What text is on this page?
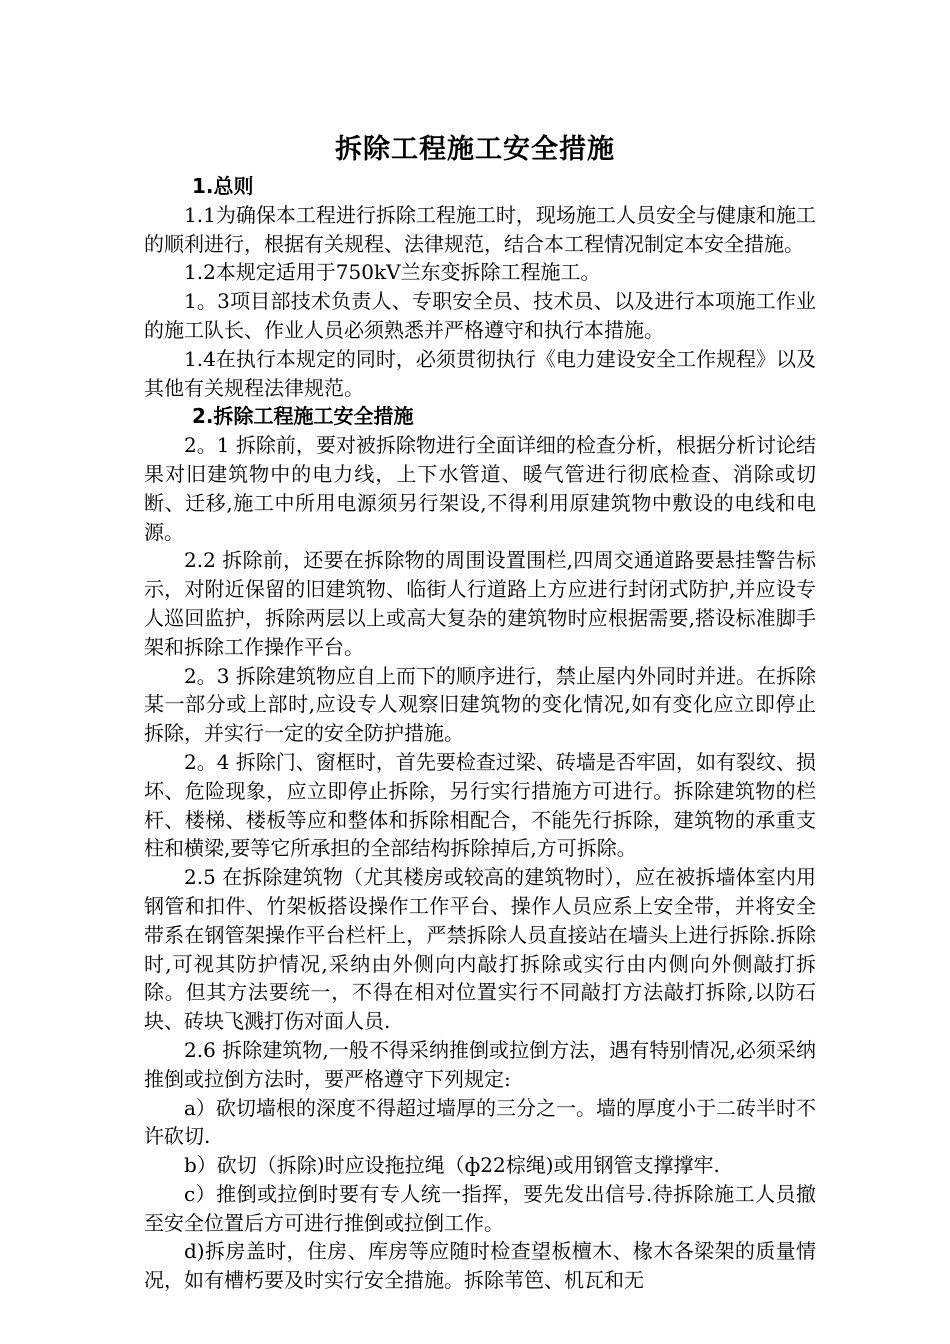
拆除工程施工安全措施
1.总则

1.1为确保本工程进行拆除工程施工时，现场施工人员安全与健康和施工的顺利进行，根据有关规程、法律规范，结合本工程情况制定本安全措施。

1.2本规定适用于750kV兰东变拆除工程施工。

1。3项目部技术负责人、专职安全员、技术员、以及进行本项施工作业的施工队长、作业人员必须熟悉并严格遵守和执行本措施。

1.4在执行本规定的同时，必须贯彻执行《电力建设安全工作规程》以及其他有关规程法律规范。

2.拆除工程施工安全措施

2。1 拆除前，要对被拆除物进行全面详细的检查分析，根据分析讨论结果对旧建筑物中的电力线，上下水管道、暖气管进行彻底检查、消除或切断、迁移,施工中所用电源须另行架设,不得利用原建筑物中敷设的电线和电源。

2.2 拆除前，还要在拆除物的周围设置围栏,四周交通道路要悬挂警告标示，对附近保留的旧建筑物、临街人行道路上方应进行封闭式防护,并应设专人巡回监护，拆除两层以上或高大复杂的建筑物时应根据需要,搭设标准脚手架和拆除工作操作平台。

2。3 拆除建筑物应自上而下的顺序进行，禁止屋内外同时并进。在拆除某一部分或上部时,应设专人观察旧建筑物的变化情况,如有变化应立即停止拆除，并实行一定的安全防护措施。

2。4 拆除门、窗框时，首先要检查过梁、砖墙是否牢固，如有裂纹、损坏、危险现象，应立即停止拆除，另行实行措施方可进行。拆除建筑物的栏杆、楼梯、楼板等应和整体和拆除相配合，不能先行拆除，建筑物的承重支柱和横梁,要等它所承担的全部结构拆除掉后,方可拆除。

2.5 在拆除建筑物（尤其楼房或较高的建筑物时），应在被拆墙体室内用钢管和扣件、竹架板搭设操作工作平台、操作人员应系上安全带，并将安全带系在钢管架操作平台栏杆上，严禁拆除人员直接站在墙头上进行拆除.拆除时,可视其防护情况,采纳由外侧向内敲打拆除或实行由内侧向外侧敲打拆除。但其方法要统一，不得在相对位置实行不同敲打方法敲打拆除,以防石块、砖块飞溅打伤对面人员.

2.6 拆除建筑物,一般不得采纳推倒或拉倒方法，遇有特别情况,必须采纳推倒或拉倒方法时，要严格遵守下列规定:

a）砍切墙根的深度不得超过墙厚的三分之一。墙的厚度小于二砖半时不许砍切.

b）砍切（拆除)时应设拖拉绳（ф22棕绳)或用钢管支撑撑牢.

c）推倒或拉倒时要有专人统一指挥，要先发出信号.待拆除施工人员撤至安全位置后方可进行推倒或拉倒工作。

d)拆房盖时，住房、库房等应随时检查望板檀木、椽木各梁架的质量情况，如有槽朽要及时实行安全措施。拆除苇笆、机瓦和无
